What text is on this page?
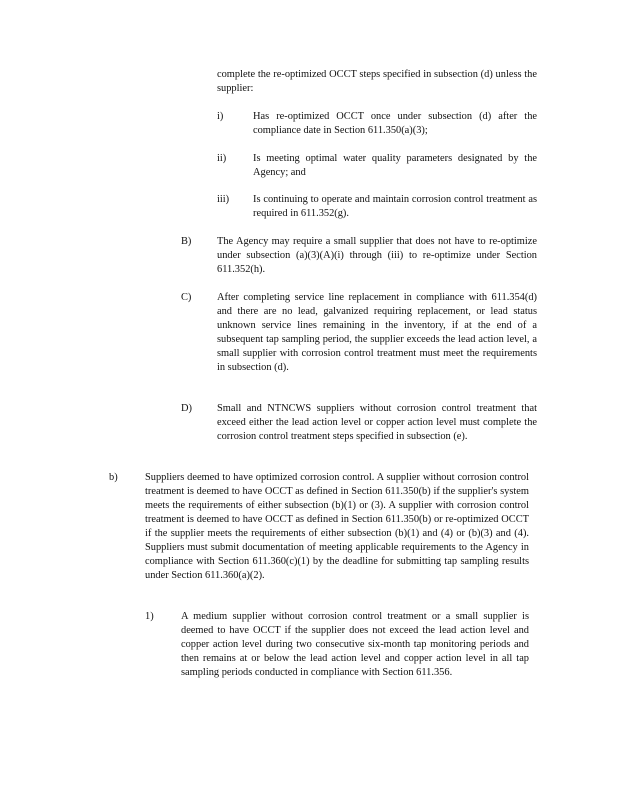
complete the re-optimized OCCT steps specified in subsection (d) unless the supplier:
i)	Has re-optimized OCCT once under subsection (d) after the compliance date in Section 611.350(a)(3);
ii)	Is meeting optimal water quality parameters designated by the Agency; and
iii) Is continuing to operate and maintain corrosion control treatment as required in 611.352(g).
B) The Agency may require a small supplier that does not have to re-optimize under subsection (a)(3)(A)(i) through (iii) to re-optimize under Section 611.352(h).
C) After completing service line replacement in compliance with 611.354(d) and there are no lead, galvanized requiring replacement, or lead status unknown service lines remaining in the inventory, if at the end of a subsequent tap sampling period, the supplier exceeds the lead action level, a small supplier with corrosion control treatment must meet the requirements in subsection (d).
D) Small and NTNCWS suppliers without corrosion control treatment that exceed either the lead action level or copper action level must complete the corrosion control treatment steps specified in subsection (e).
b)	Suppliers deemed to have optimized corrosion control. A supplier without corrosion control treatment is deemed to have OCCT as defined in Section 611.350(b) if the supplier's system meets the requirements of either subsection (b)(1) or (3). A supplier with corrosion control treatment is deemed to have OCCT as defined in Section 611.350(b) or re-optimized OCCT if the supplier meets the requirements of either subsection (b)(1) and (4) or (b)(3) and (4). Suppliers must submit documentation of meeting applicable requirements to the Agency in compliance with Section 611.360(c)(1) by the deadline for submitting tap sampling results under Section 611.360(a)(2).
1)	A medium supplier without corrosion control treatment or a small supplier is deemed to have OCCT if the supplier does not exceed the lead action level and copper action level during two consecutive six-month tap monitoring periods and then remains at or below the lead action level and copper action level in all tap sampling periods conducted in compliance with Section 611.356.
